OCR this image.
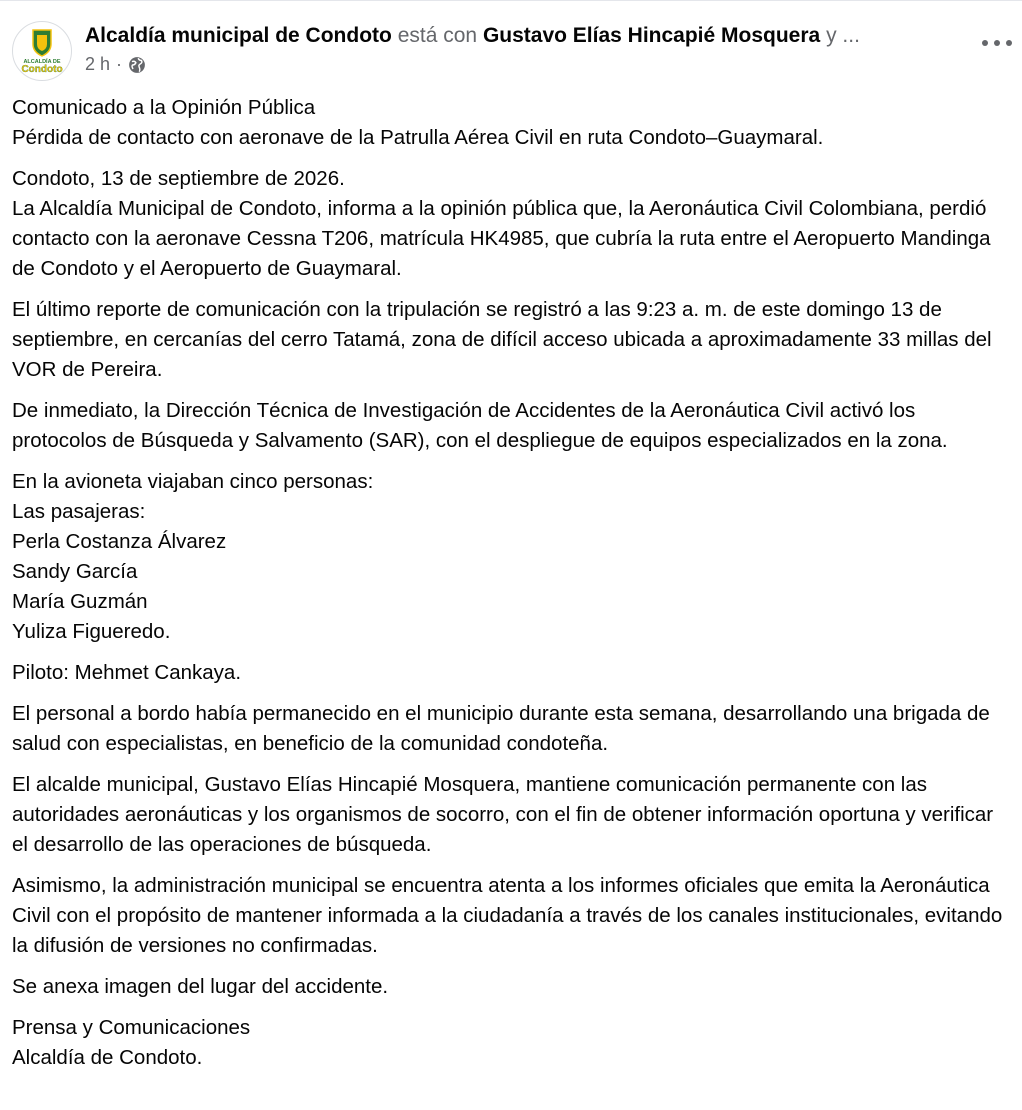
ALCALDÍA DE
Condoto
Alcaldía municipal de Condoto está con Gustavo Elías Hincapié Mosquera y ...
2 h ·

Comunicado a la Opinión Pública
Pérdida de contacto con aeronave de la Patrulla Aérea Civil en ruta Condoto–Guaymaral.

Condoto, 13 de septiembre de 2026.
La Alcaldía Municipal de Condoto, informa a la opinión pública que, la Aeronáutica Civil Colombiana, perdió contacto con la aeronave Cessna T206, matrícula HK4985, que cubría la ruta entre el Aeropuerto Mandinga de Condoto y el Aeropuerto de Guaymaral.

El último reporte de comunicación con la tripulación se registró a las 9:23 a. m. de este domingo 13 de septiembre, en cercanías del cerro Tatamá, zona de difícil acceso ubicada a aproximadamente 33 millas del VOR de Pereira.

De inmediato, la Dirección Técnica de Investigación de Accidentes de la Aeronáutica Civil activó los protocolos de Búsqueda y Salvamento (SAR), con el despliegue de equipos especializados en la zona.

En la avioneta viajaban cinco personas:
Las pasajeras:
Perla Costanza Álvarez
Sandy García
María Guzmán
Yuliza Figueredo.

Piloto: Mehmet Cankaya.

El personal a bordo había permanecido en el municipio durante esta semana, desarrollando una brigada de salud con especialistas, en beneficio de la comunidad condoteña.

El alcalde municipal, Gustavo Elías Hincapié Mosquera, mantiene comunicación permanente con las autoridades aeronáuticas y los organismos de socorro, con el fin de obtener información oportuna y verificar el desarrollo de las operaciones de búsqueda.

Asimismo, la administración municipal se encuentra atenta a los informes oficiales que emita la Aeronáutica Civil con el propósito de mantener informada a la ciudadanía a través de los canales institucionales, evitando la difusión de versiones no confirmadas.

Se anexa imagen del lugar del accidente.

Prensa y Comunicaciones
Alcaldía de Condoto.
